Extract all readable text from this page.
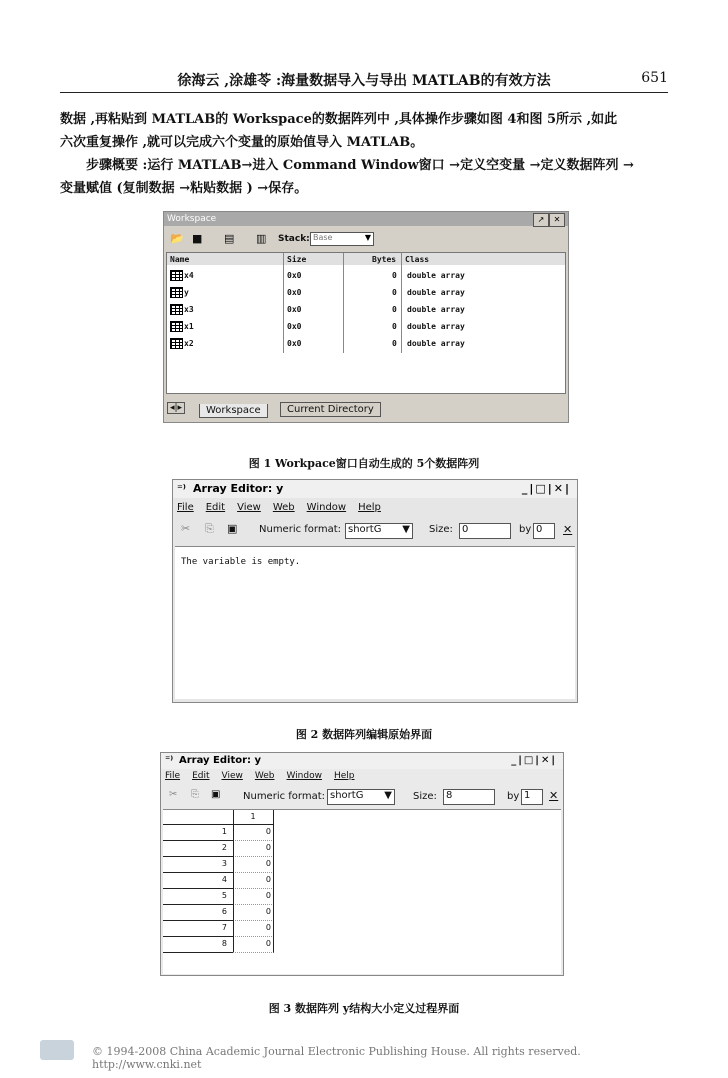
徐海云 ,涂雄苓 :海量数据导入与导出 MATLAB的有效方法	651
数据 ,再粘贴到 MATLAB的 Workspace的数据阵列中 ,具体操作步骤如图 4和图 5所示 ,如此
六次重复操作 ,就可以完成六个变量的原始值导入 MATLAB。
步骤概要 :运行 MATLAB→进入 Command Window窗口 →定义空变量 →定义数据阵列 →
变量赋值 (复制数据 →粘贴数据 ) →保存。
Workspace	↗	✕
📂 ■ ▤ ▥ Stack: Base	▼
Name	Size	Bytes Class
x4	0x0	0 double array
y	0x0	0 double array
x3	0x0	0 double array
x1	0x0	0 double array
x2	0x0	0 double array
◂|▸	Workspace	Current Directory
图 1 Workpace窗口自动生成的 5个数据阵列
⁼⁾ Array Editor: y	_|□|✕|
File Edit View Web Window Help
✂ ⎘ ▣ Numeric format: shortG ▼ Size: 0	by 0	✕
The variable is empty.
图 2 数据阵列编辑原始界面
⁼⁾ Array Editor: y	_|□|✕|
File Edit View Web Window Help
✂ ⎘ ▣ Numeric format: shortG ▼ Size: 8	by 1	✕
1
1	0
2	0
3	0
4	0
5	0
6	0
7	0
8	0
图 3 数据阵列 y结构大小定义过程界面
© 1994-2008 China Academic Journal Electronic Publishing House. All rights reserved. http://www.cnki.net
